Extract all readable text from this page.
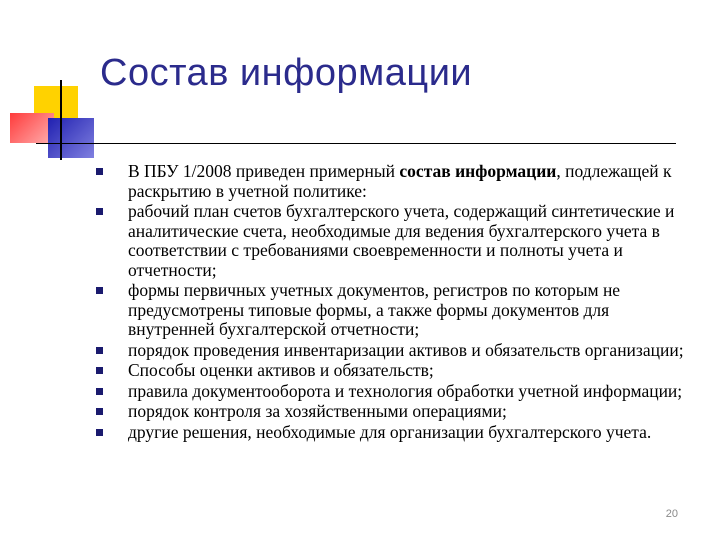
Состав информации
В ПБУ 1/2008 приведен примерный состав информации, подлежащей к раскрытию в учетной политике:
рабочий план счетов бухгалтерского учета, содержащий синтетические и аналитические счета, необходимые для ведения бухгалтерского учета в соответствии с требованиями своевременности и полноты учета и отчетности;
формы первичных учетных документов, регистров по которым не предусмотрены типовые формы, а также формы документов для внутренней бухгалтерской отчетности;
порядок проведения инвентаризации активов и обязательств организации;
Способы оценки активов и обязательств;
правила документооборота и технология обработки учетной информации;
порядок контроля за хозяйственными операциями;
другие решения, необходимые для организации бухгалтерского учета.
20
